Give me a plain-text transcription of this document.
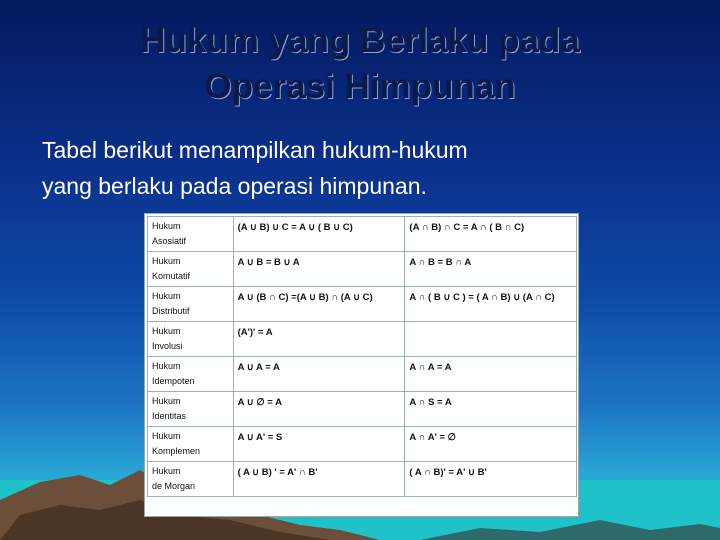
Hukum yang Berlaku pada
Operasi Himpunan
Tabel berikut menampilkan hukum-hukum
yang berlaku pada operasi himpunan.
Hukum
Asosiatif	(A ∪ B) ∪ C = A ∪ ( B ∪ C)	(A ∩ B) ∩ C = A ∩ ( B ∩ C)

Hukum
Komutatif	A ∪ B = B ∪ A	A ∩ B = B ∩ A

Hukum
Distributif	A ∪ (B ∩ C) =(A ∪ B) ∩ (A ∪ C)	A ∩ ( B ∪ C ) = ( A ∩ B) ∪ (A ∩ C)

Hukum
Involusi	(A')' = A	

Hukum
Idempoten	A ∪ A = A	A ∩ A = A

Hukum
Identitas	A ∪ ∅ = A	A ∩ S = A

Hukum
Komplemen	A ∪ A' = S	A ∩ A' = ∅

Hukum
de Morgan	( A ∪ B) ' = A' ∩ B'	( A ∩ B)' = A' ∪ B'
